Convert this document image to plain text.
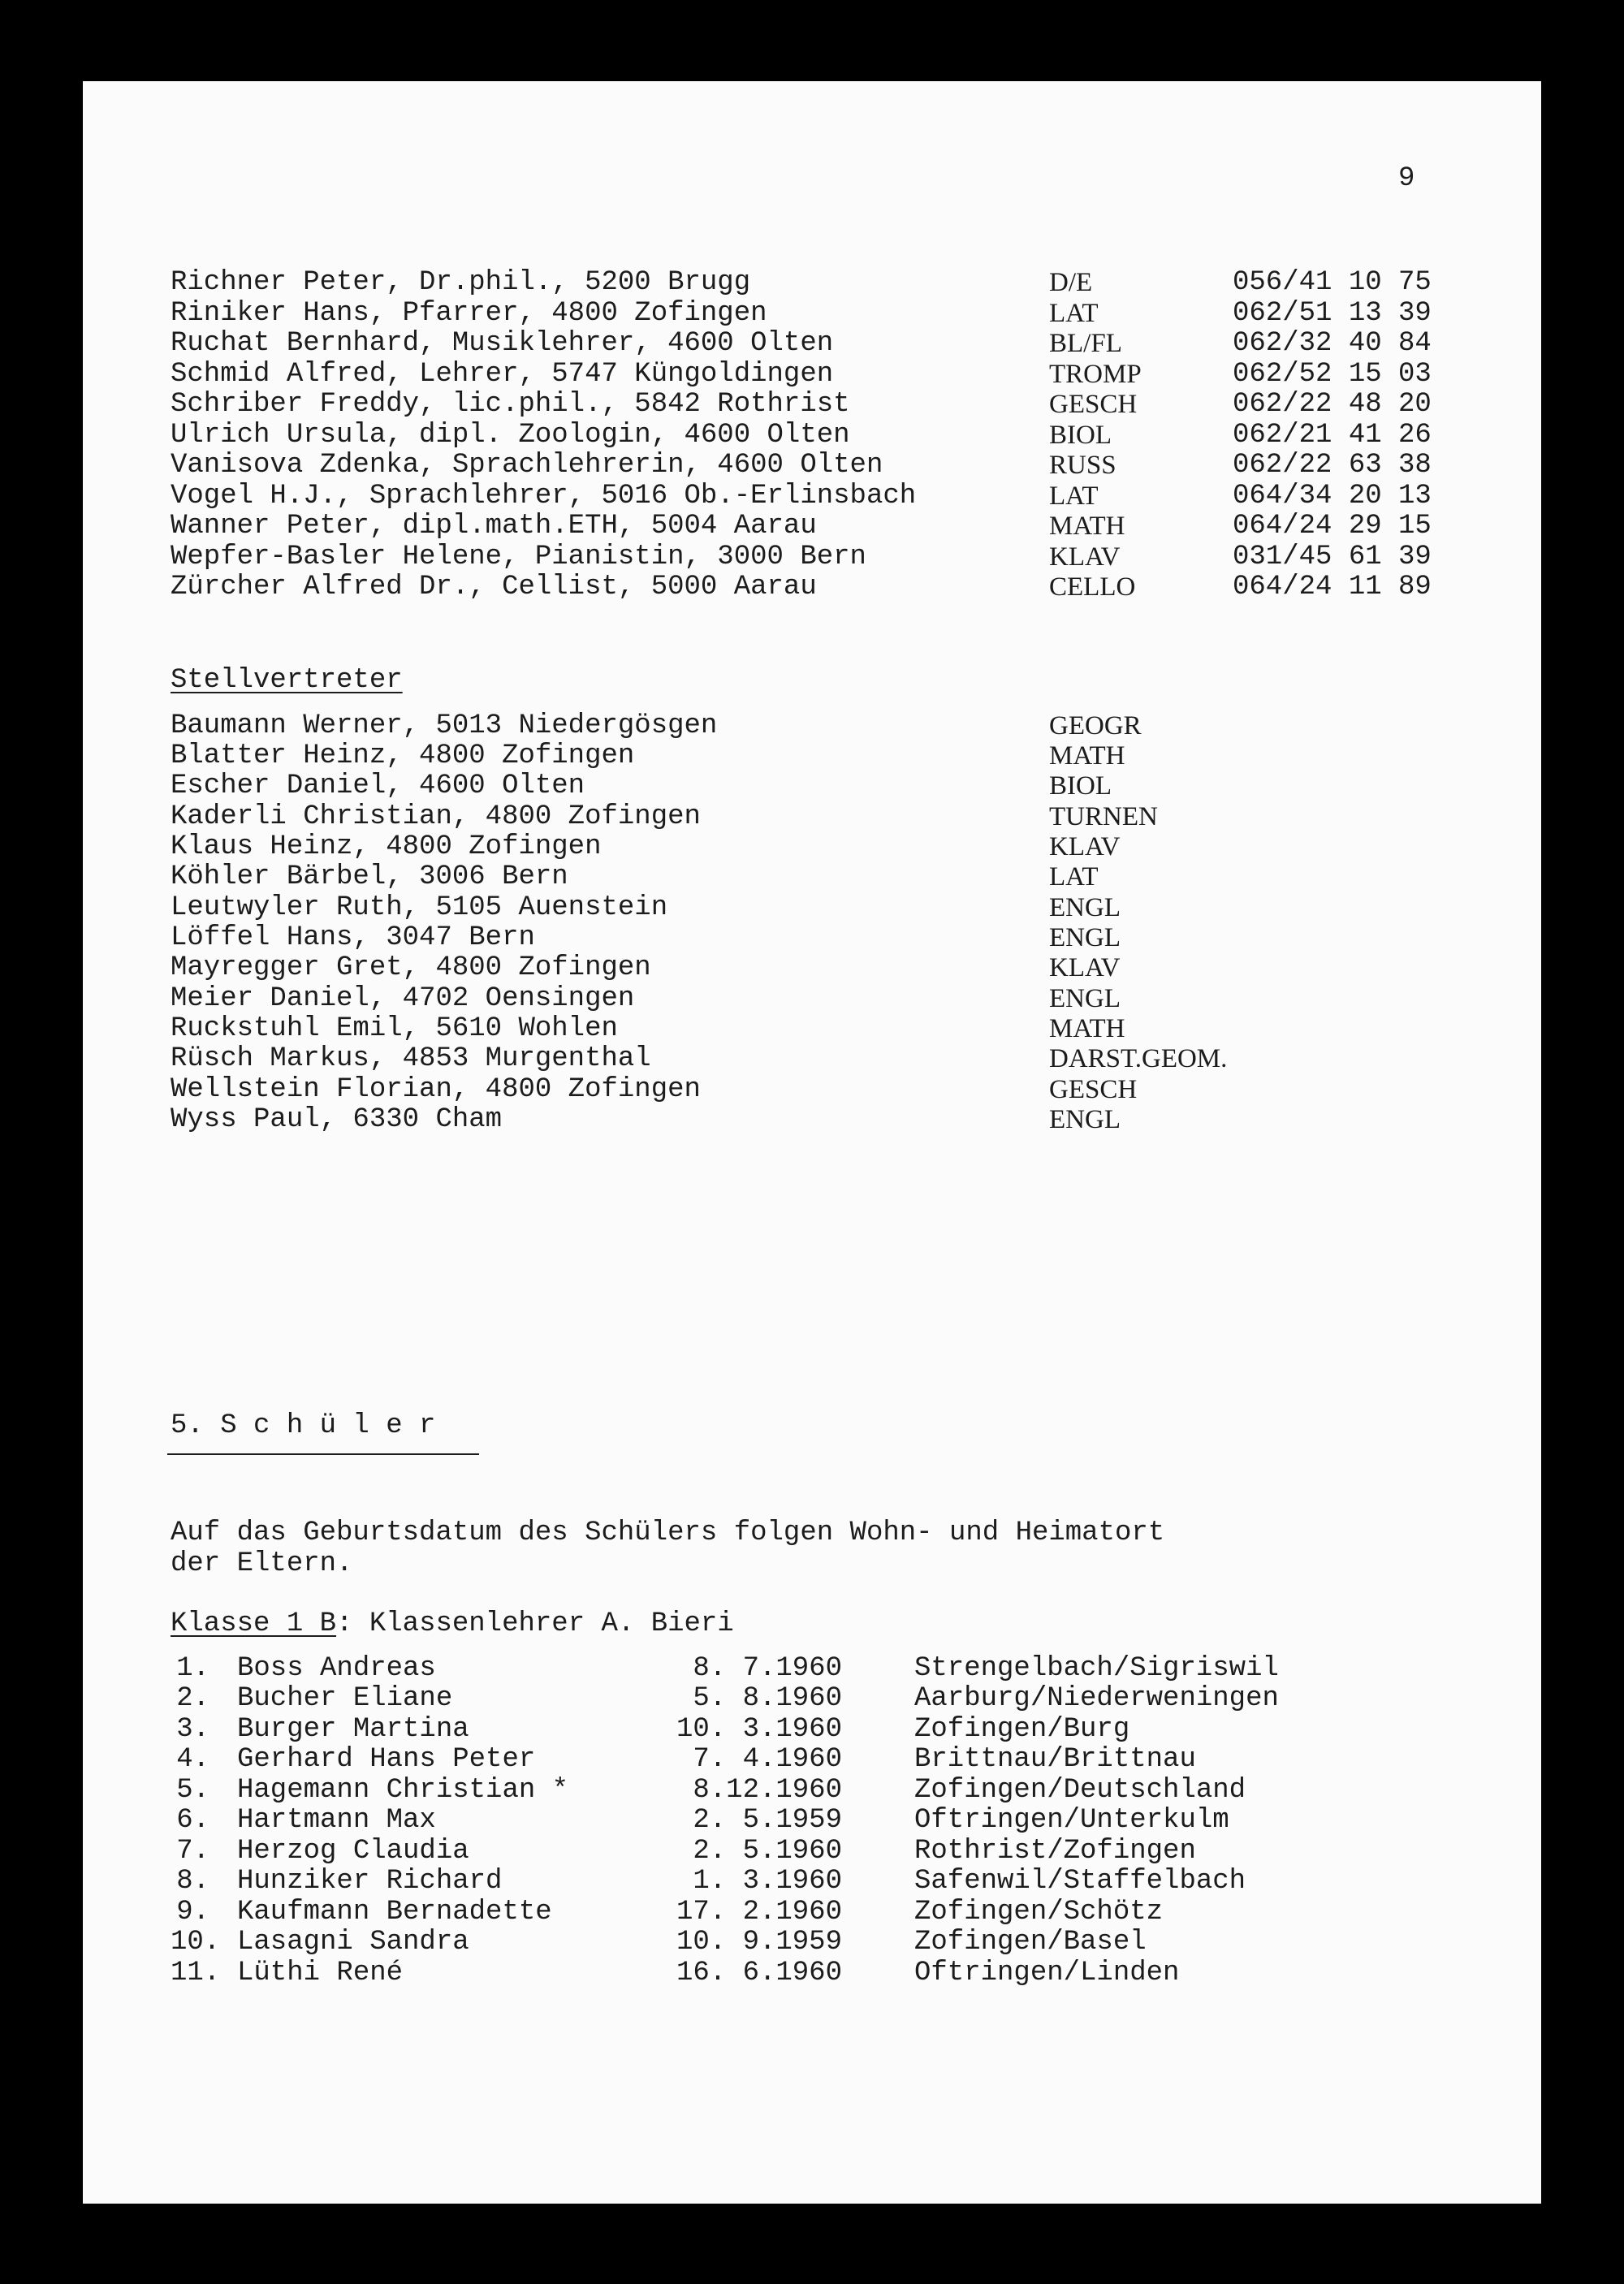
9
Richner Peter, Dr.phil., 5200 Brugg	D/E	056/41 10 75
Riniker Hans, Pfarrer, 4800 Zofingen	LAT	062/51 13 39
Ruchat Bernhard, Musiklehrer, 4600 Olten	BL/FL	062/32 40 84
Schmid Alfred, Lehrer, 5747 Küngoldingen	TROMP	062/52 15 03
Schriber Freddy, lic.phil., 5842 Rothrist	GESCH	062/22 48 20
Ulrich Ursula, dipl. Zoologin, 4600 Olten	BIOL	062/21 41 26
Vanisova Zdenka, Sprachlehrerin, 4600 Olten	RUSS	062/22 63 38
Vogel H.J., Sprachlehrer, 5016 Ob.-Erlinsbach	LAT	064/34 20 13
Wanner Peter, dipl.math.ETH, 5004 Aarau	MATH	064/24 29 15
Wepfer-Basler Helene, Pianistin, 3000 Bern	KLAV	031/45 61 39
Zürcher Alfred Dr., Cellist, 5000 Aarau	CELLO	064/24 11 89
Stellvertreter
Baumann Werner, 5013 Niedergösgen	GEOGR
Blatter Heinz, 4800 Zofingen	MATH
Escher Daniel, 4600 Olten	BIOL
Kaderli Christian, 4800 Zofingen	TURNEN
Klaus Heinz, 4800 Zofingen	KLAV
Köhler Bärbel, 3006 Bern	LAT
Leutwyler Ruth, 5105 Auenstein	ENGL
Löffel Hans, 3047 Bern	ENGL
Mayregger Gret, 4800 Zofingen	KLAV
Meier Daniel, 4702 Oensingen	ENGL
Ruckstuhl Emil, 5610 Wohlen	MATH
Rüsch Markus, 4853 Murgenthal	DARST.GEOM.
Wellstein Florian, 4800 Zofingen	GESCH
Wyss Paul, 6330 Cham	ENGL
5. S c h ü l e r
Auf das Geburtsdatum des Schülers folgen Wohn- und Heimatort
der Eltern.
Klasse 1 B: Klassenlehrer A. Bieri
1. Boss Andreas	8. 7.1960	Strengelbach/Sigriswil
2. Bucher Eliane	5. 8.1960	Aarburg/Niederweningen
3. Burger Martina	10. 3.1960	Zofingen/Burg
4. Gerhard Hans Peter	7. 4.1960	Brittnau/Brittnau
5. Hagemann Christian *	8.12.1960	Zofingen/Deutschland
6. Hartmann Max	2. 5.1959	Oftringen/Unterkulm
7. Herzog Claudia	2. 5.1960	Rothrist/Zofingen
8. Hunziker Richard	1. 3.1960	Safenwil/Staffelbach
9. Kaufmann Bernadette	17. 2.1960	Zofingen/Schötz
10. Lasagni Sandra	10. 9.1959	Zofingen/Basel
11. Lüthi René	16. 6.1960	Oftringen/Linden
